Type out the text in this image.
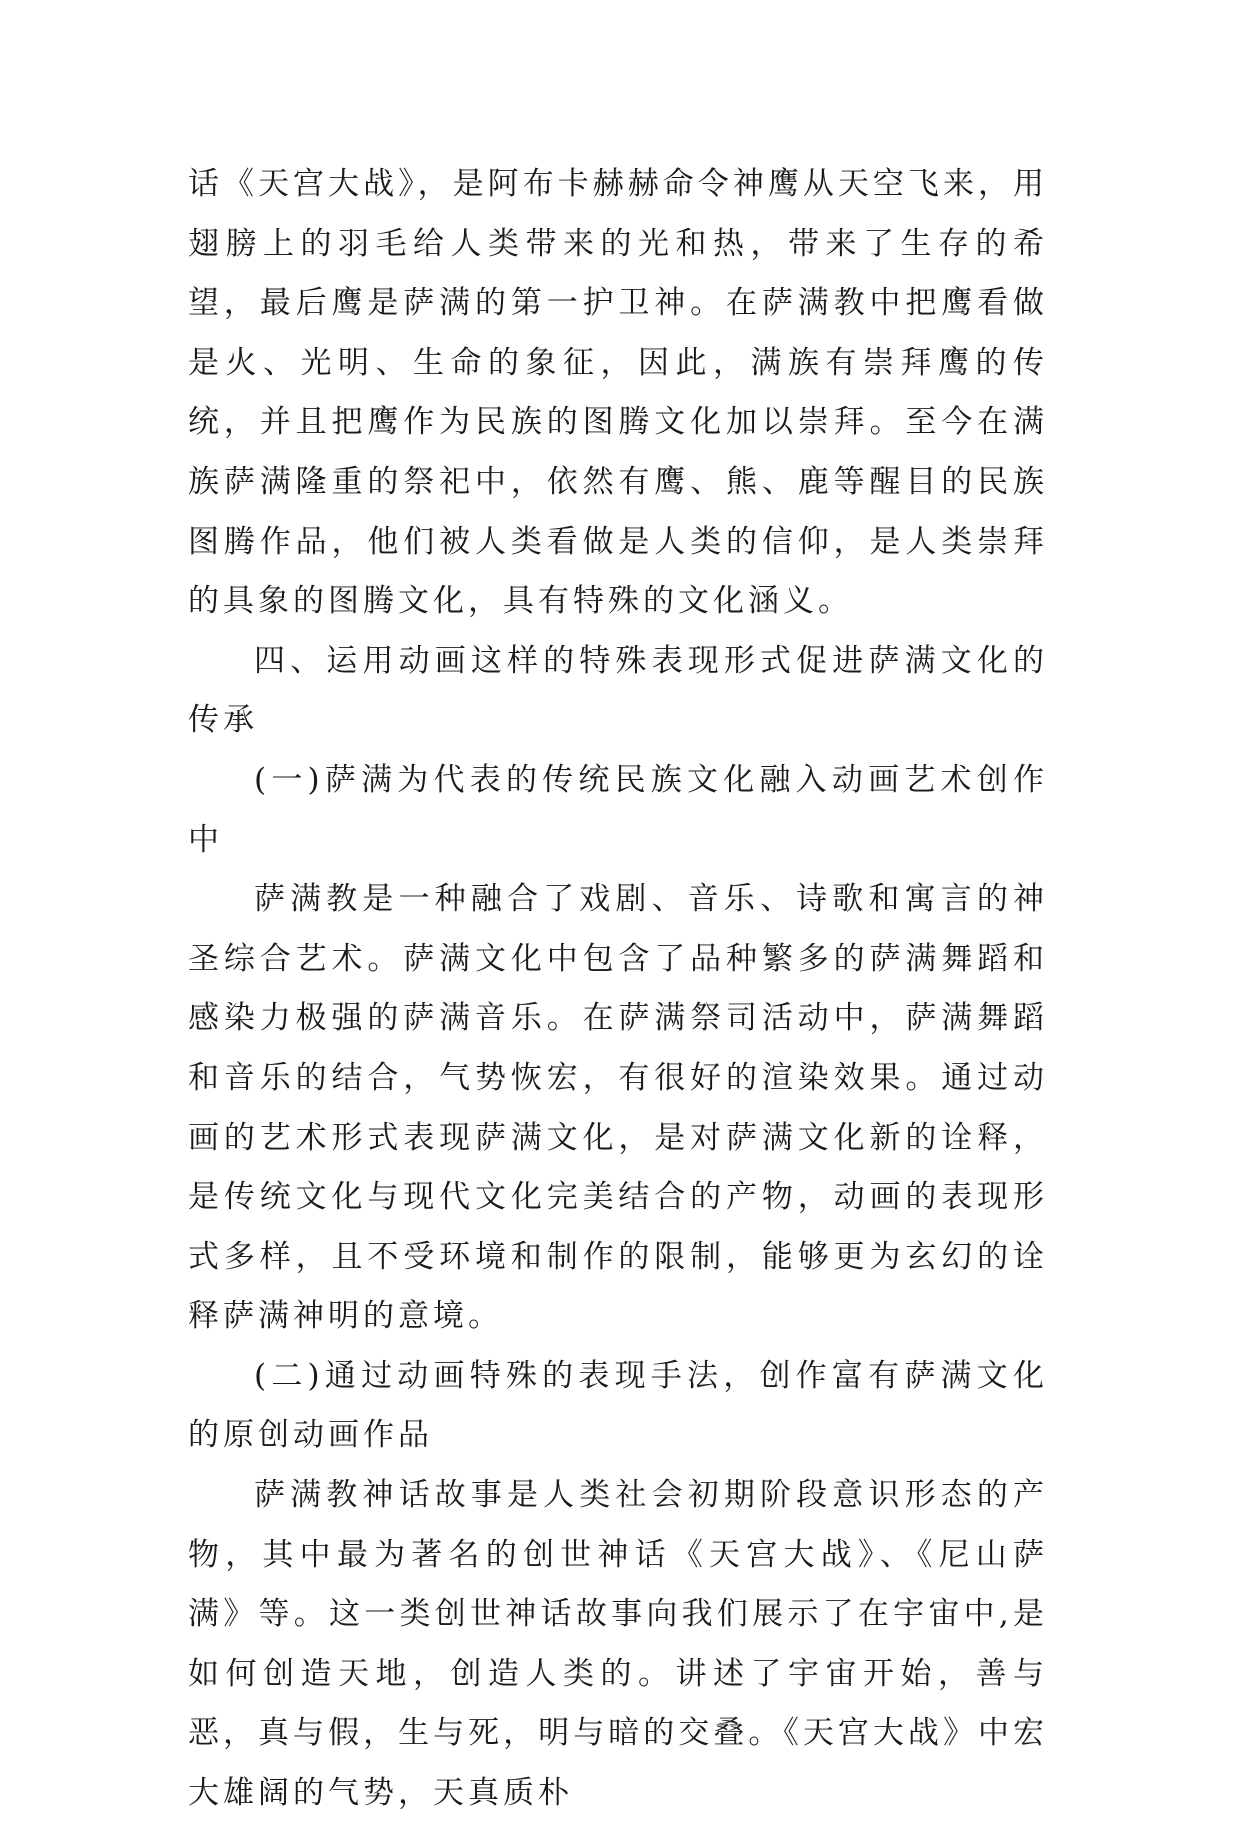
话《天宫大战》，是阿布卡赫赫命令神鹰从天空飞来，用翅膀上的羽毛给人类带来的光和热，带来了生存的希望，最后鹰是萨满的第一护卫神。在萨满教中把鹰看做是火、光明、生命的象征，因此，满族有崇拜鹰的传统，并且把鹰作为民族的图腾文化加以崇拜。至今在满族萨满隆重的祭祀中，依然有鹰、熊、鹿等醒目的民族图腾作品，他们被人类看做是人类的信仰，是人类崇拜的具象的图腾文化，具有特殊的文化涵义。

四、运用动画这样的特殊表现形式促进萨满文化的传承

(一)萨满为代表的传统民族文化融入动画艺术创作中

萨满教是一种融合了戏剧、音乐、诗歌和寓言的神圣综合艺术。萨满文化中包含了品种繁多的萨满舞蹈和感染力极强的萨满音乐。在萨满祭司活动中，萨满舞蹈和音乐的结合，气势恢宏，有很好的渲染效果。通过动画的艺术形式表现萨满文化，是对萨满文化新的诠释，是传统文化与现代文化完美结合的产物，动画的表现形式多样，且不受环境和制作的限制，能够更为玄幻的诠释萨满神明的意境。

(二)通过动画特殊的表现手法，创作富有萨满文化的原创动画作品

萨满教神话故事是人类社会初期阶段意识形态的产物，其中最为著名的创世神话《天宫大战》、《尼山萨满》等。这一类创世神话故事向我们展示了在宇宙中,是如何创造天地，创造人类的。讲述了宇宙开始，善与恶，真与假，生与死，明与暗的交叠。《天宫大战》中宏大雄阔的气势，天真质朴
